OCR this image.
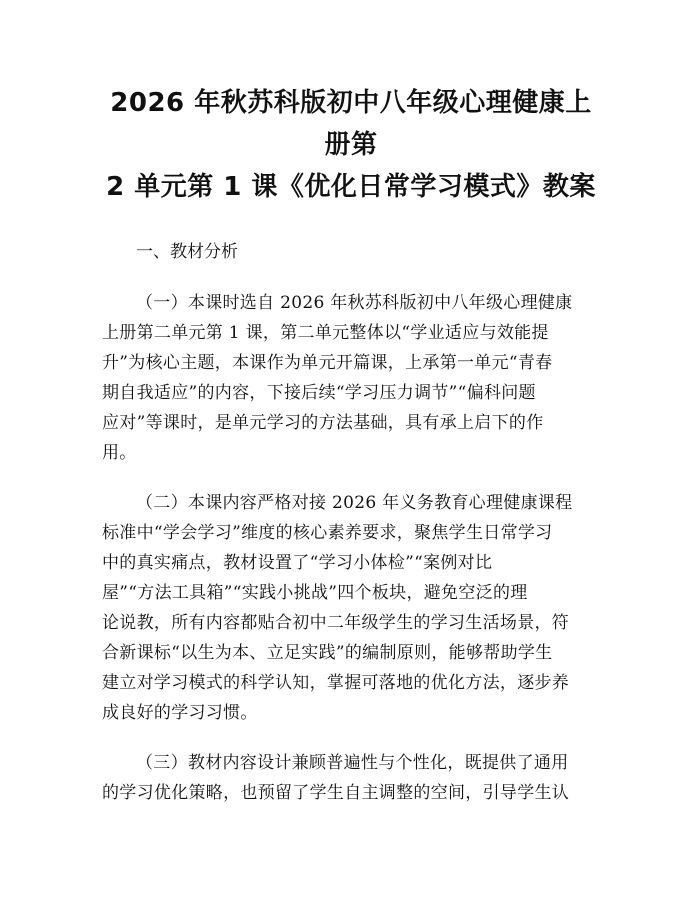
2026 年秋苏科版初中八年级心理健康上册第
2 单元第 1 课《优化日常学习模式》教案
一、教材分析
（一）本课时选自 2026 年秋苏科版初中八年级心理健康
上册第二单元第 1 课，第二单元整体以“学业适应与效能提
升”为核心主题，本课作为单元开篇课，上承第一单元“青春
期自我适应”的内容，下接后续“学习压力调节”“偏科问题
应对”等课时，是单元学习的方法基础，具有承上启下的作
用。
（二）本课内容严格对接 2026 年义务教育心理健康课程
标准中“学会学习”维度的核心素养要求，聚焦学生日常学习
中的真实痛点，教材设置了“学习小体检”“案例对比
屋”“方法工具箱”“实践小挑战”四个板块，避免空泛的理
论说教，所有内容都贴合初中二年级学生的学习生活场景，符
合新课标“以生为本、立足实践”的编制原则，能够帮助学生
建立对学习模式的科学认知，掌握可落地的优化方法，逐步养
成良好的学习习惯。
（三）教材内容设计兼顾普遍性与个性化，既提供了通用
的学习优化策略，也预留了学生自主调整的空间，引导学生认
